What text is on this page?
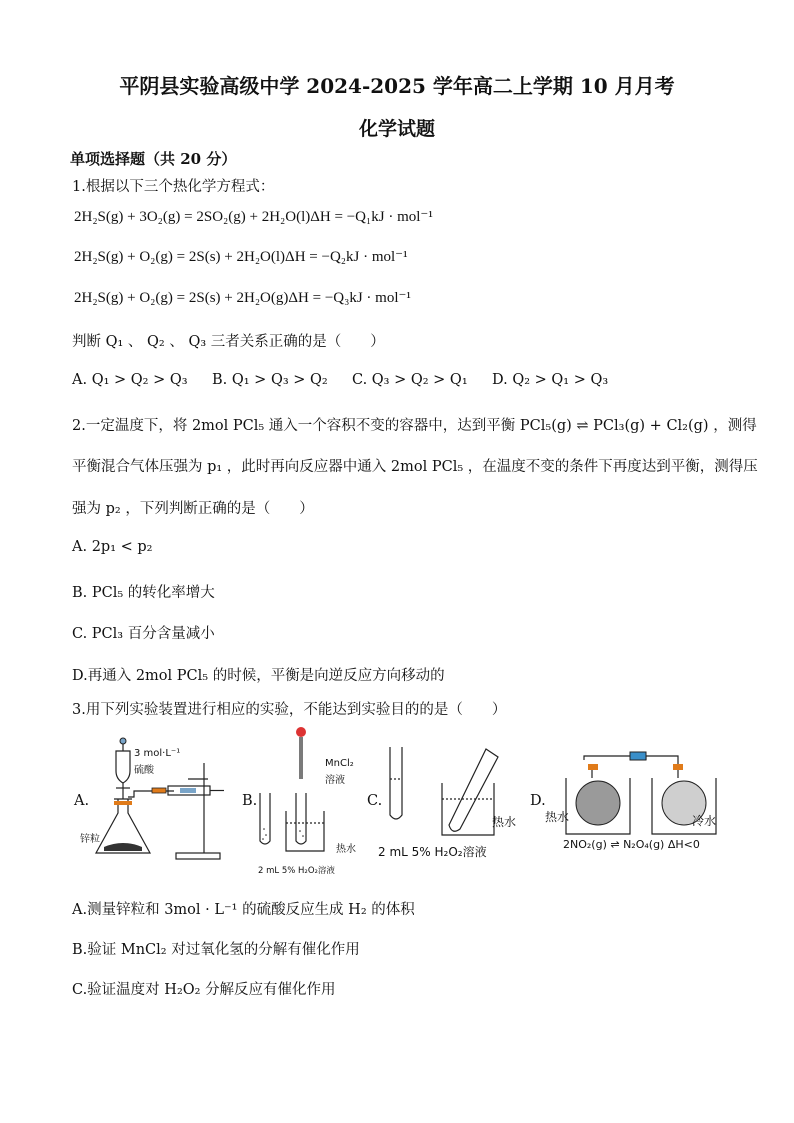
平阴县实验高级中学 2024-2025 学年高二上学期 10 月月考
化学试题
单项选择题（共 20 分）
1.根据以下三个热化学方程式：
2H₂S(g) + 3O₂(g) = 2SO₂(g) + 2H₂O(l)ΔH = −Q₁kJ · mol⁻¹
2H₂S(g) + O₂(g) = 2S(s) + 2H₂O(l)ΔH = −Q₂kJ · mol⁻¹
2H₂S(g) + O₂(g) = 2S(s) + 2H₂O(g)ΔH = −Q₃kJ · mol⁻¹
判断 Q₁ 、 Q₂ 、 Q₃ 三者关系正确的是（　　）
A. Q₁ > Q₂ > Q₃ B. Q₁ > Q₃ > Q₂ C. Q₃ > Q₂ > Q₁ D. Q₂ > Q₁ > Q₃
2.一定温度下，将 2mol PCl₅ 通入一个容积不变的容器中，达到平衡 PCl₅(g) ⇌ PCl₃(g) + Cl₂(g) ，测得
平衡混合气体压强为 p₁ ，此时再向反应器中通入 2mol PCl₅ ，在温度不变的条件下再度达到平衡，测得压
强为 p₂ ，下列判断正确的是（　　）
A. 2p₁ < p₂
B. PCl₅ 的转化率增大
C. PCl₃ 百分含量减小
D.再通入 2mol PCl₅ 的时候，平衡是向逆反应方向移动的
3.用下列实验装置进行相应的实验，不能达到实验目的的是（　　）
A.	B.	C.	D.
3 mol·L⁻¹
硫酸
锌粒
MnCl₂
溶液
热水
2 mL 5% H₂O₂溶液
热水
2 mL 5% H₂O₂溶液
热水	冷水
2NO₂(g) ⇌ N₂O₄(g) ΔH<0
A.测量锌粒和 3mol · L⁻¹ 的硫酸反应生成 H₂ 的体积
B.验证 MnCl₂ 对过氧化氢的分解有催化作用
C.验证温度对 H₂O₂ 分解反应有催化作用
